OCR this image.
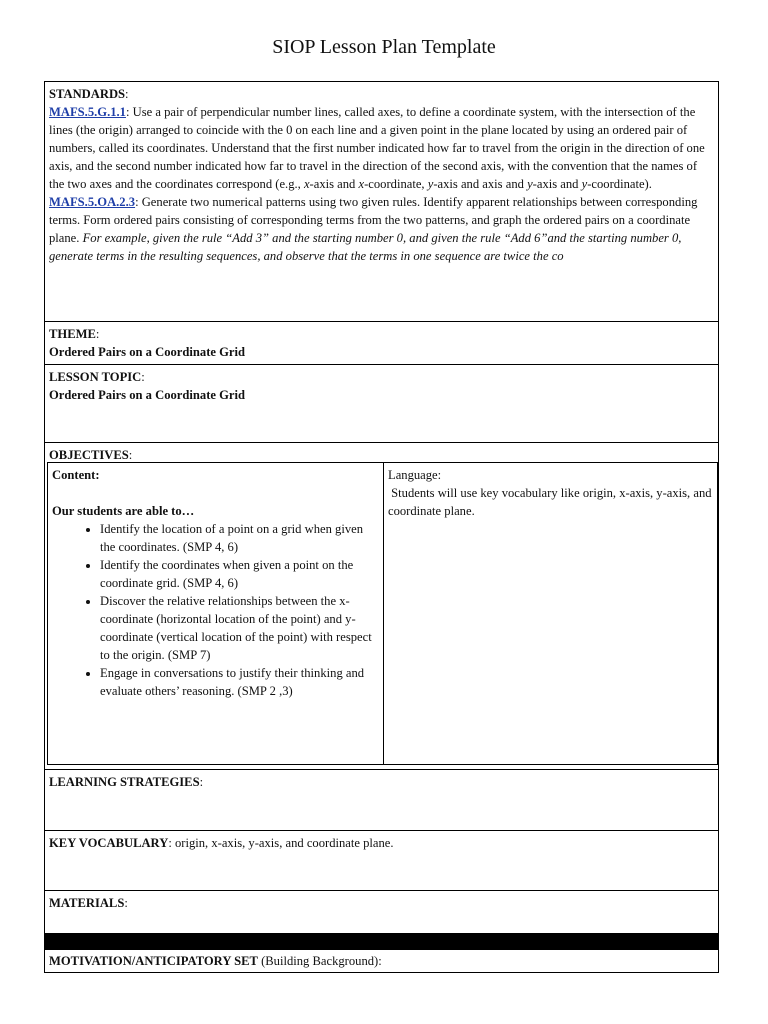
SIOP Lesson Plan Template
STANDARDS:
MAFS.5.G.1.1: Use a pair of perpendicular number lines, called axes, to define a coordinate system, with the intersection of the lines (the origin) arranged to coincide with the 0 on each line and a given point in the plane located by using an ordered pair of numbers, called its coordinates. Understand that the first number indicated how far to travel from the origin in the direction of one axis, and the second number indicated how far to travel in the direction of the second axis, with the convention that the names of the two axes and the coordinates correspond (e.g., x-axis and x-coordinate, y-axis and axis and y-axis and y-coordinate).
MAFS.5.OA.2.3: Generate two numerical patterns using two given rules. Identify apparent relationships between corresponding terms. Form ordered pairs consisting of corresponding terms from the two patterns, and graph the ordered pairs on a coordinate plane. For example, given the rule “Add 3” and the starting number 0, and given the rule “Add 6”and the starting number 0, generate terms in the resulting sequences, and observe that the terms in one sequence are twice the co
THEME:
Ordered Pairs on a Coordinate Grid
LESSON TOPIC:
Ordered Pairs on a Coordinate Grid
OBJECTIVES:
Content:
Our students are able to…
• Identify the location of a point on a grid when given the coordinates. (SMP 4, 6)
• Identify the coordinates when given a point on the coordinate grid. (SMP 4, 6)
• Discover the relative relationships between the x-coordinate (horizontal location of the point) and y-coordinate (vertical location of the point) with respect to the origin. (SMP 7)
• Engage in conversations to justify their thinking and evaluate others’ reasoning. (SMP 2 ,3)
Language:
Students will use key vocabulary like origin, x-axis, y-axis, and coordinate plane.
LEARNING STRATEGIES:
KEY VOCABULARY: origin, x-axis, y-axis, and coordinate plane.
MATERIALS:
MOTIVATION/ANTICIPATORY SET (Building Background):
